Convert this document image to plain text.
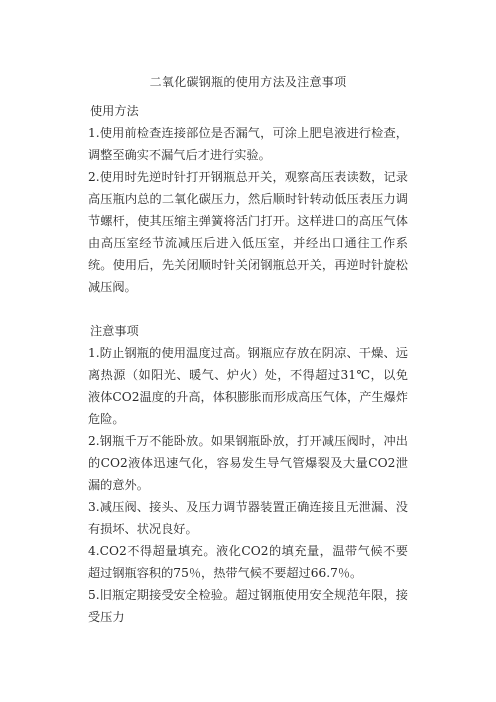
二氧化碳钢瓶的使用方法及注意事项
使用方法

1.使用前检查连接部位是否漏气，可涂上肥皂液进行检查，调整至确实不漏气后才进行实验。

2.使用时先逆时针打开钢瓶总开关，观察高压表读数，记录高压瓶内总的二氧化碳压力，然后顺时针转动低压表压力调节螺杆，使其压缩主弹簧将活门打开。这样进口的高压气体由高压室经节流减压后进入低压室，并经出口通往工作系统。使用后，先关闭顺时针关闭钢瓶总开关，再逆时针旋松减压阀。

注意事项

1.防止钢瓶的使用温度过高。钢瓶应存放在阴凉、干燥、远离热源（如阳光、暖气、炉火）处，不得超过31℃，以免液体CO2温度的升高，体积膨胀而形成高压气体，产生爆炸危险。

2.钢瓶千万不能卧放。如果钢瓶卧放，打开减压阀时，冲出的CO2液体迅速气化，容易发生导气管爆裂及大量CO2泄漏的意外。

3.减压阀、接头、及压力调节器装置正确连接且无泄漏、没有损坏、状况良好。

4.CO2不得超量填充。液化CO2的填充量，温带气候不要超过钢瓶容积的75％，热带气候不要超过66.7％。

5.旧瓶定期接受安全检验。超过钢瓶使用安全规范年限，接受压力
